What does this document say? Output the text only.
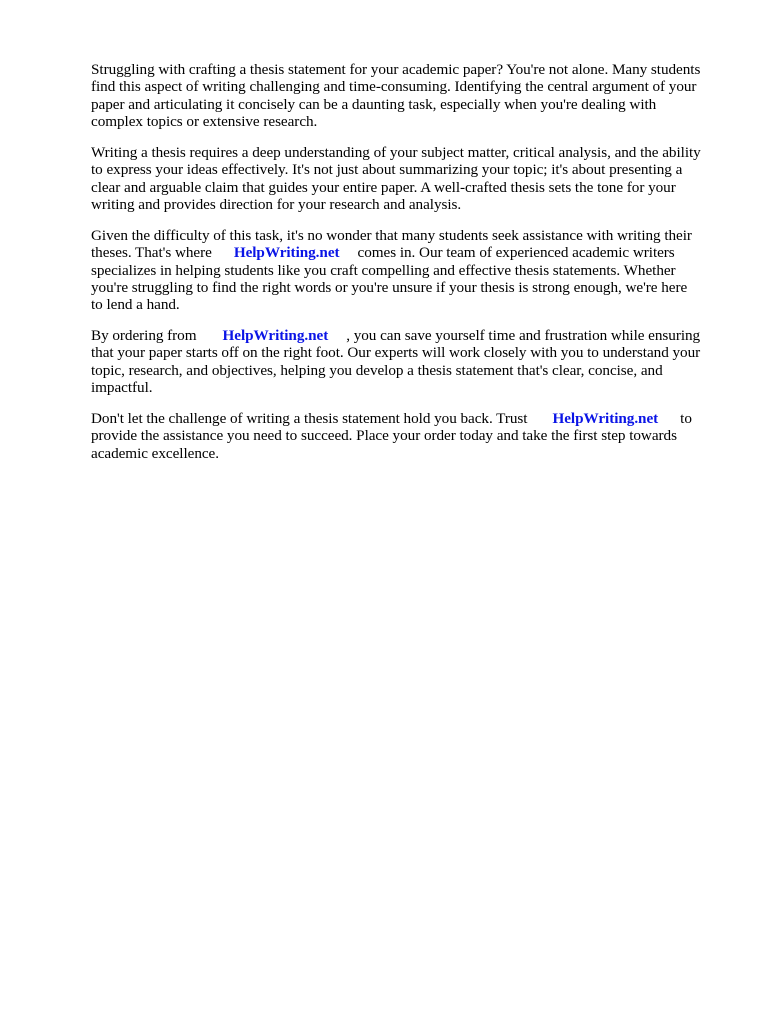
Struggling with crafting a thesis statement for your academic paper? You're not alone. Many students
find this aspect of writing challenging and time-consuming. Identifying the central argument of your
paper and articulating it concisely can be a daunting task, especially when you're dealing with
complex topics or extensive research.
Writing a thesis requires a deep understanding of your subject matter, critical analysis, and the ability
to express your ideas effectively. It's not just about summarizing your topic; it's about presenting a
clear and arguable claim that guides your entire paper. A well-crafted thesis sets the tone for your
writing and provides direction for your research and analysis.
Given the difficulty of this task, it's no wonder that many students seek assistance with writing their
theses. That's where HelpWriting.net comes in. Our team of experienced academic writers
specializes in helping students like you craft compelling and effective thesis statements. Whether
you're struggling to find the right words or you're unsure if your thesis is strong enough, we're here
to lend a hand.
By ordering from HelpWriting.net , you can save yourself time and frustration while ensuring
that your paper starts off on the right foot. Our experts will work closely with you to understand your
topic, research, and objectives, helping you develop a thesis statement that's clear, concise, and
impactful.
Don't let the challenge of writing a thesis statement hold you back. Trust HelpWriting.net to
provide the assistance you need to succeed. Place your order today and take the first step towards
academic excellence.
